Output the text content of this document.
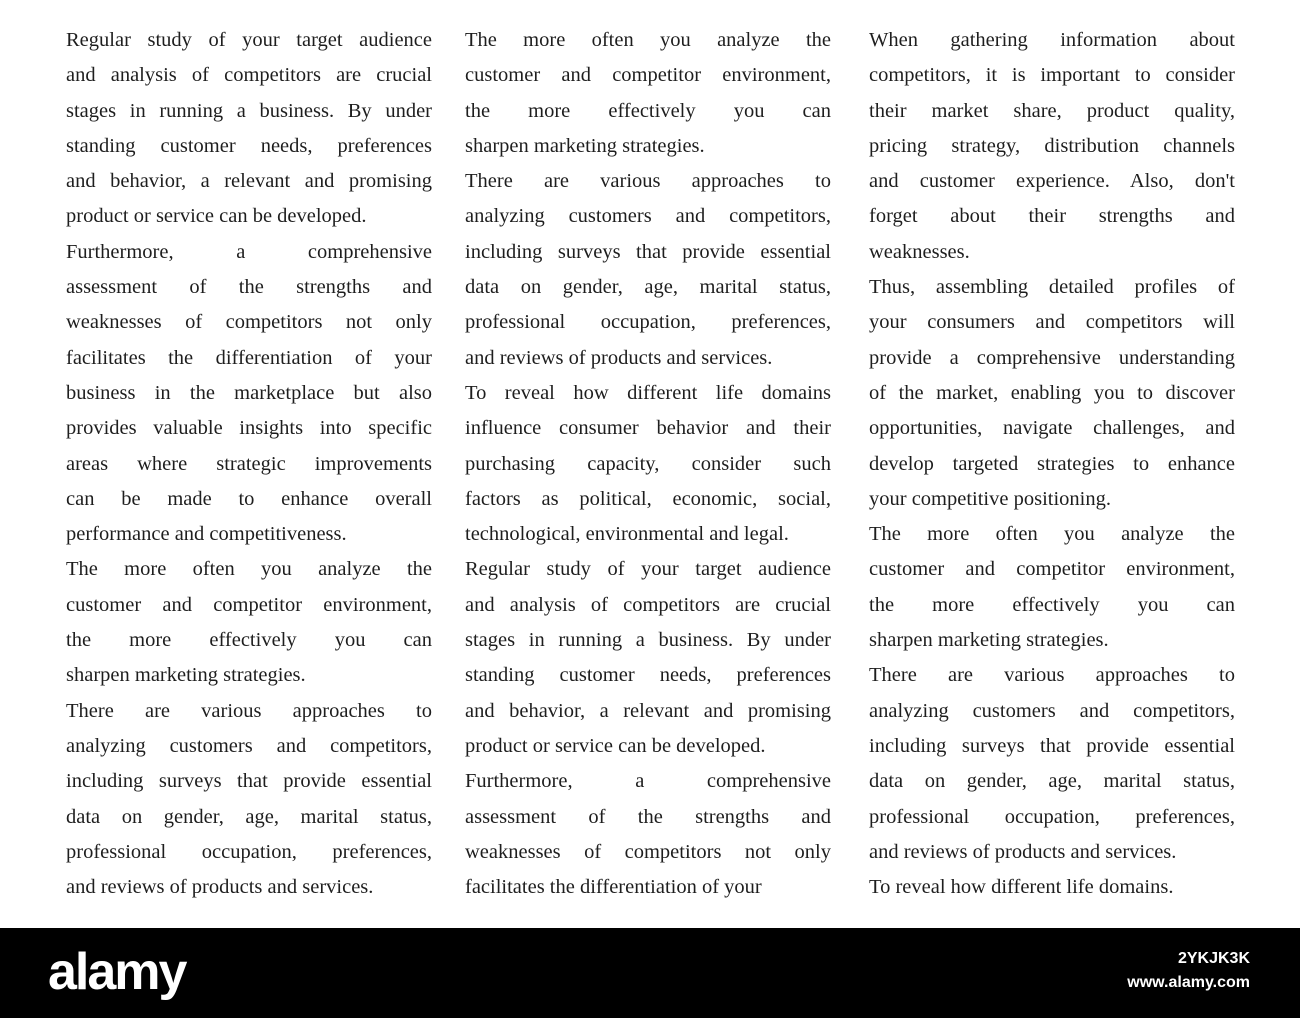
Regular study of your target audience
and analysis of competitors are crucial
stages in running a business. By under
standing customer needs, preferences
and behavior, a relevant and promising
product or service can be developed.
Furthermore, a comprehensive
assessment of the strengths and
weaknesses of competitors not only
facilitates the differentiation of your
business in the marketplace but also
provides valuable insights into specific
areas where strategic improvements
can be made to enhance overall
performance and competitiveness.
The more often you analyze the
customer and competitor environment,
the more effectively you can
sharpen marketing strategies.
There are various approaches to
analyzing customers and competitors,
including surveys that provide essential
data on gender, age, marital status,
professional occupation, preferences,
and reviews of products and services.
The more often you analyze the
customer and competitor environment,
the more effectively you can
sharpen marketing strategies.
There are various approaches to
analyzing customers and competitors,
including surveys that provide essential
data on gender, age, marital status,
professional occupation, preferences,
and reviews of products and services.
To reveal how different life domains
influence consumer behavior and their
purchasing capacity, consider such
factors as political, economic, social,
technological, environmental and legal.
Regular study of your target audience
and analysis of competitors are crucial
stages in running a business. By under
standing customer needs, preferences
and behavior, a relevant and promising
product or service can be developed.
Furthermore, a comprehensive
assessment of the strengths and
weaknesses of competitors not only
facilitates the differentiation of your
When gathering information about
competitors, it is important to consider
their market share, product quality,
pricing strategy, distribution channels
and customer experience. Also, don't
forget about their strengths and
weaknesses.
Thus, assembling detailed profiles of
your consumers and competitors will
provide a comprehensive understanding
of the market, enabling you to discover
opportunities, navigate challenges, and
develop targeted strategies to enhance
your competitive positioning.
The more often you analyze the
customer and competitor environment,
the more effectively you can
sharpen marketing strategies.
There are various approaches to
analyzing customers and competitors,
including surveys that provide essential
data on gender, age, marital status,
professional occupation, preferences,
and reviews of products and services.
To reveal how different life domains.
alamy	2YKJK3K
www.alamy.com
